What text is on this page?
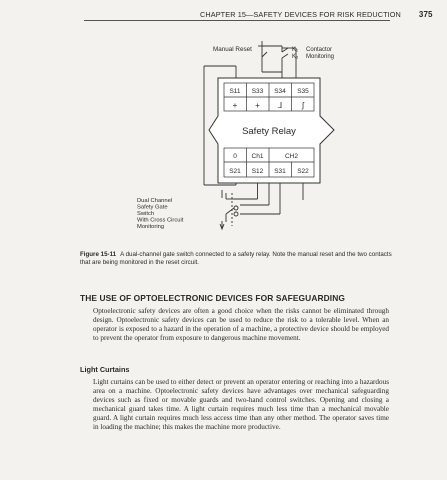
CHAPTER 15—SAFETY DEVICES FOR RISK REDUCTION 375
S11 S33 S34 S35
+ + ⅃ ʃ
Safety Relay
0 Ch1	CH2
S21 S12 S31 S22
Manual Reset	K₁
K₂
Contactor
Monitoring
Dual Channel
Safety Gate
Switch
With Cross Circuit
Monitoring
Figure 15-11 A dual-channel gate switch connected to a safety relay. Note the manual reset and the two contacts that are being monitored in the reset circuit.
THE USE OF OPTOELECTRONIC DEVICES FOR SAFEGUARDING
Optoelectronic safety devices are often a good choice when the risks cannot be eliminated through design. Optoelectronic safety devices can be used to reduce the risk to a tolerable level. When an operator is exposed to a hazard in the operation of a machine, a protective device should be employed to prevent the operator from exposure to dangerous machine movement.
Light Curtains
Light curtains can be used to either detect or prevent an operator entering or reaching into a hazardous area on a machine. Optoelectronic safety devices have advantages over mechanical safeguarding devices such as fixed or movable guards and two-hand control switches. Opening and closing a mechanical guard takes time. A light curtain requires much less time than a mechanical movable guard. A light curtain requires much less access time than any other method. The operator saves time in loading the machine; this makes the machine more productive.
